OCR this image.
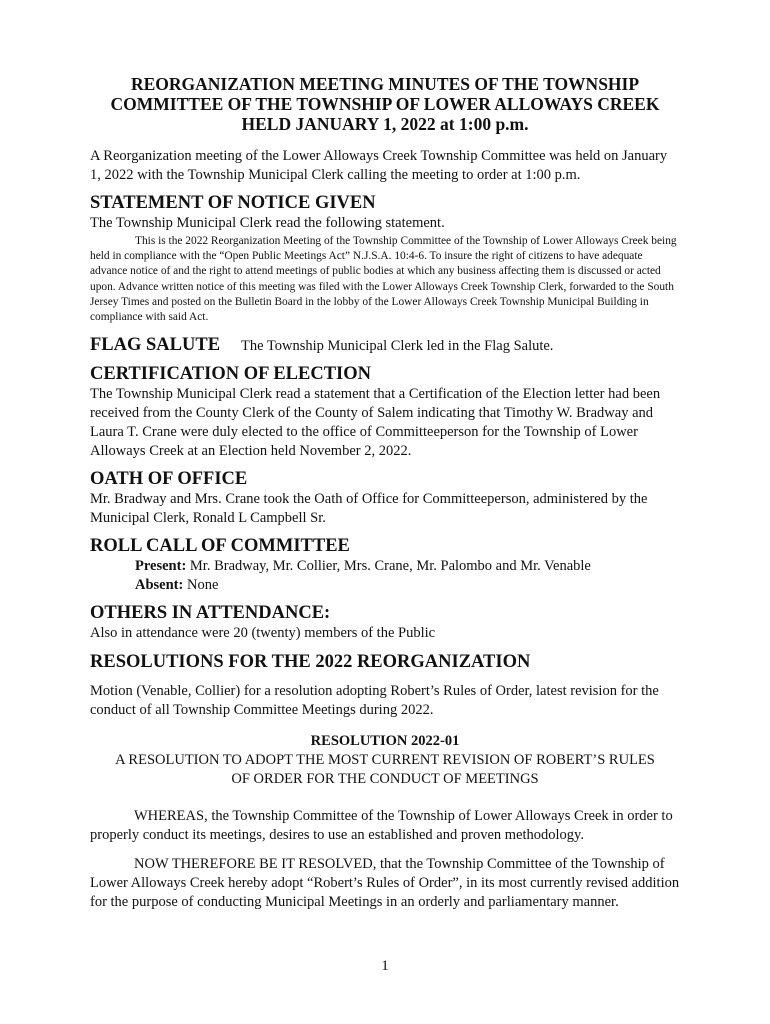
REORGANIZATION MEETING MINUTES OF THE TOWNSHIP

COMMITTEE OF THE TOWNSHIP OF LOWER ALLOWAYS CREEK

HELD JANUARY 1, 2022 at 1:00 p.m.

A Reorganization meeting of the Lower Alloways Creek Township Committee was held on January 1, 2022 with the Township Municipal Clerk calling the meeting to order at 1:00 p.m.

STATEMENT OF NOTICE GIVEN

The Township Municipal Clerk read the following statement.

This is the 2022 Reorganization Meeting of the Township Committee of the Township of Lower Alloways Creek being held in compliance with the “Open Public Meetings Act” N.J.S.A. 10:4-6. To insure the right of citizens to have adequate advance notice of and the right to attend meetings of public bodies at which any business affecting them is discussed or acted upon. Advance written notice of this meeting was filed with the Lower Alloways Creek Township Clerk, forwarded to the South Jersey Times and posted on the Bulletin Board in the lobby of the Lower Alloways Creek Township Municipal Building in compliance with said Act.

FLAG SALUTE	The Township Municipal Clerk led in the Flag Salute.

CERTIFICATION OF ELECTION

The Township Municipal Clerk read a statement that a Certification of the Election letter had been received from the County Clerk of the County of Salem indicating that Timothy W. Bradway and Laura T. Crane were duly elected to the office of Committeeperson for the Township of Lower Alloways Creek at an Election held November 2, 2022.

OATH OF OFFICE

Mr. Bradway and Mrs. Crane took the Oath of Office for Committeeperson, administered by the Municipal Clerk, Ronald L Campbell Sr.

ROLL CALL OF COMMITTEE

Present: Mr. Bradway, Mr. Collier, Mrs. Crane, Mr. Palombo and Mr. Venable

Absent: None

OTHERS IN ATTENDANCE:

Also in attendance were 20 (twenty) members of the Public

RESOLUTIONS FOR THE 2022 REORGANIZATION

Motion (Venable, Collier) for a resolution adopting Robert’s Rules of Order, latest revision for the conduct of all Township Committee Meetings during 2022.

RESOLUTION 2022-01

A RESOLUTION TO ADOPT THE MOST CURRENT REVISION OF ROBERT’S RULES

OF ORDER FOR THE CONDUCT OF MEETINGS

WHEREAS, the Township Committee of the Township of Lower Alloways Creek in order to properly conduct its meetings, desires to use an established and proven methodology.

NOW THEREFORE BE IT RESOLVED, that the Township Committee of the Township of Lower Alloways Creek hereby adopt “Robert’s Rules of Order”, in its most currently revised addition for the purpose of conducting Municipal Meetings in an orderly and parliamentary manner.

1
